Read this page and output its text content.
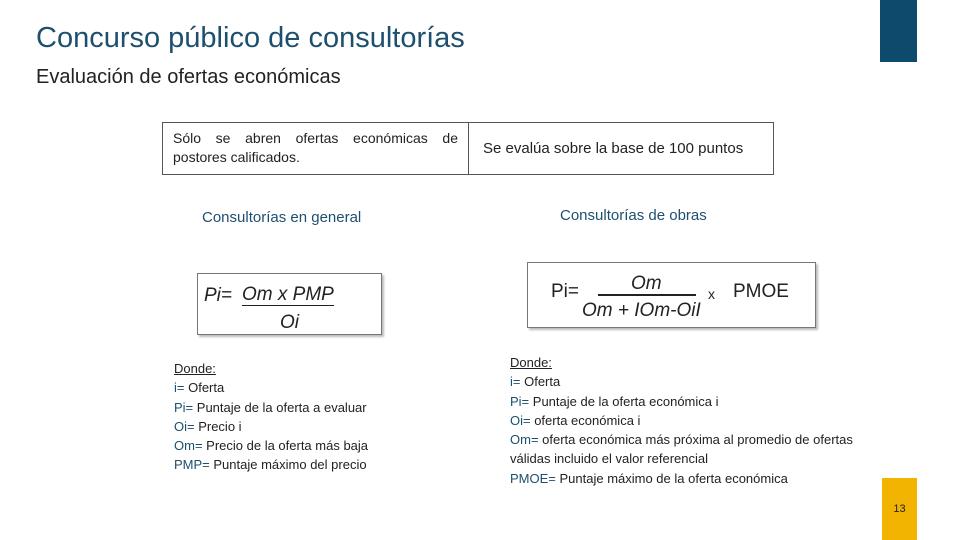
Concurso público de consultorías
Evaluación de ofertas económicas
Sólo se abren ofertas económicas de postores calificados.	Se evalúa sobre la base de 100 puntos
Consultorías en general	Consultorías de obras
Pi= Om x PMP
Oi
Pi=	Om
Om + IOm-OiI
x PMOE
Donde:
i= Oferta
Pi= Puntaje de la oferta a evaluar
Oi= Precio i
Om= Precio de la oferta más baja
PMP= Puntaje máximo del precio
Donde:
i= Oferta
Pi= Puntaje de la oferta económica i
Oi= oferta económica i
Om= oferta económica más próxima al promedio de ofertas válidas incluido el valor referencial
PMOE= Puntaje máximo de la oferta económica
13
